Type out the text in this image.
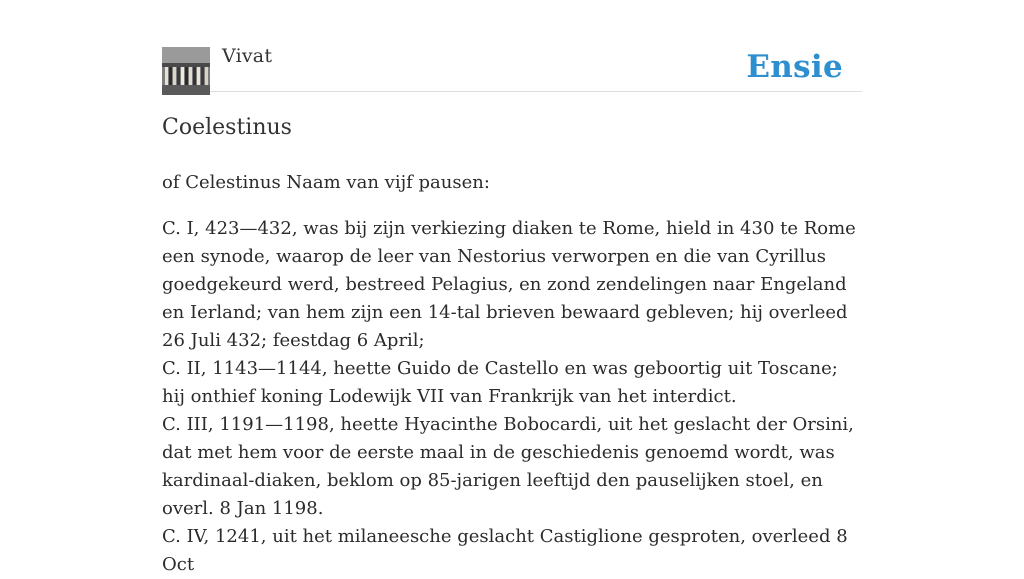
Vivat	Ensie
Coelestinus

of Celestinus Naam van vijf pausen:

C. I, 423—432, was bij zijn verkiezing diaken te Rome, hield in 430 te Rome een synode, waarop de leer van Nestorius verworpen en die van Cyrillus goedgekeurd werd, bestreed Pelagius, en zond zendelingen naar Engeland en Ierland; van hem zijn een 14-tal brieven bewaard gebleven; hij overleed 26 Juli 432; feestdag 6 April;
C. II, 1143—1144, heette Guido de Castello en was geboortig uit Toscane; hij onthief koning Lodewijk VII van Frankrijk van het interdict.
C. III, 1191—1198, heette Hyacinthe Bobocardi, uit het geslacht der Orsini, dat met hem voor de eerste maal in de geschiedenis genoemd wordt, was kardinaal-diaken, beklom op 85-jarigen leeftijd den pauselijken stoel, en overl. 8 Jan 1198.
C. IV, 1241, uit het milaneesche geslacht Castiglione gesproten, overleed 8 Oct
